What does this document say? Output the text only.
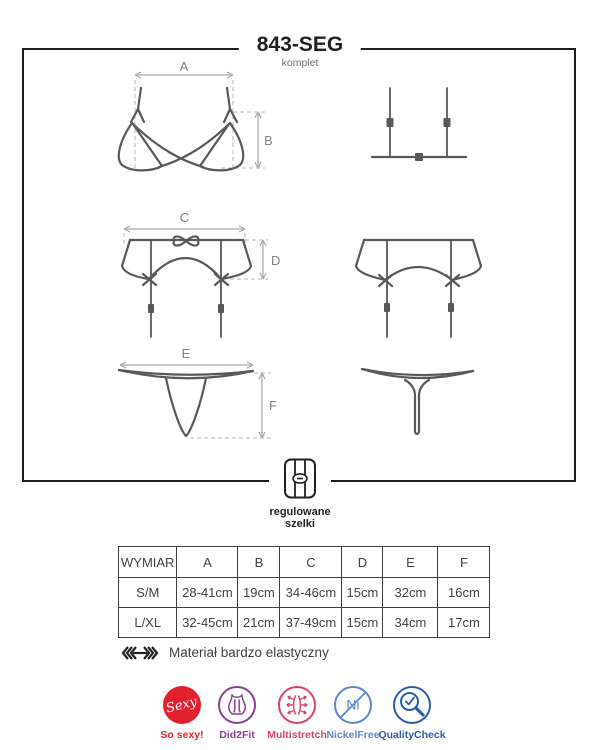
843-SEG
komplet
A
B
C
D
E
F
regulowane
szelki
WYMIAR	A	B	C	D	E	F
S/M	28-41cm	19cm	34-46cm	15cm	32cm	16cm
L/XL	32-45cm	21cm	37-49cm	15cm	34cm	17cm
Materiał bardzo elastyczny
Sexy
So sexy!	Did2Fit	Multistretch
Ni
NickelFree
QualityCheck
